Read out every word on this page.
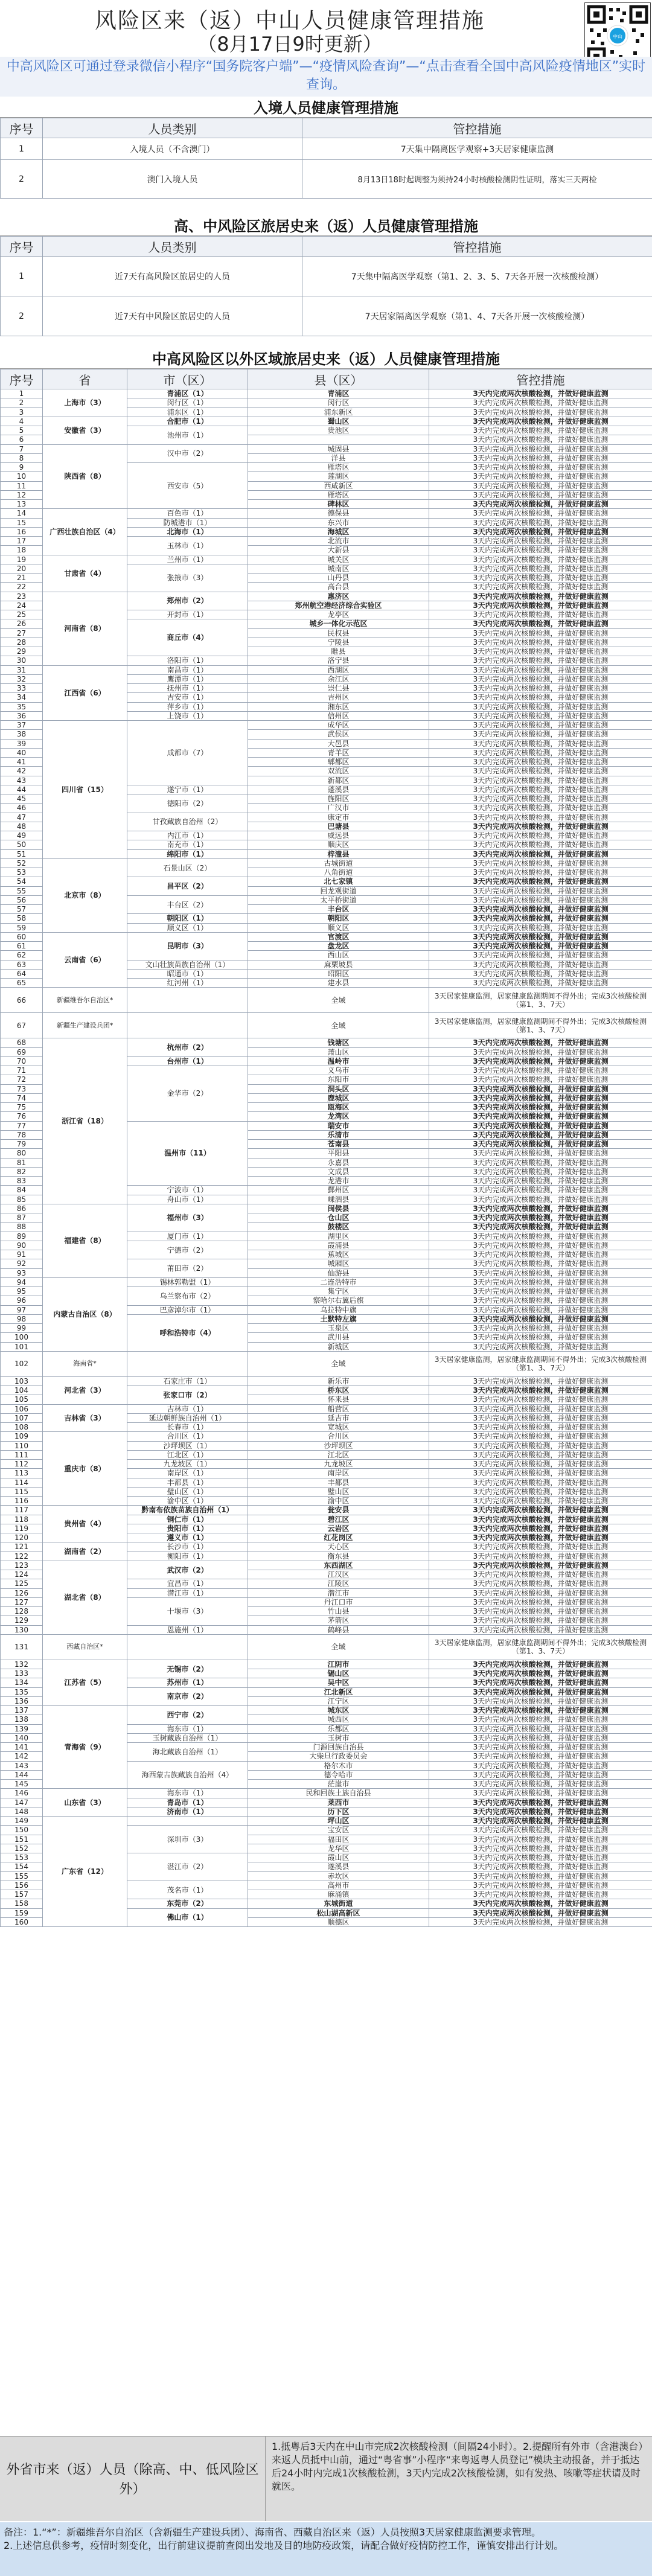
风险区来（返）中山人员健康管理措施
（8月17日9时更新）	中山
中高风险区可通过登录微信小程序“国务院客户端”—“疫情风险查询”—“点击查看全国中高风险疫情地区”实时查询。
入境人员健康管理措施
序号	人员类别	管控措施
1	入境人员（不含澳门）	7天集中隔离医学观察+3天居家健康监测
2	澳门入境人员	8月13日18时起调整为须持24小时核酸检测阴性证明，落实三天两检
高、中风险区旅居史来（返）人员健康管理措施
序号	人员类别	管控措施
1	近7天有高风险区旅居史的人员	7天集中隔离医学观察（第1、2、3、5、7天各开展一次核酸检测）
2	近7天有中风险区旅居史的人员	7天居家隔离医学观察（第1、4、7天各开展一次核酸检测）
中高风险区以外区域旅居史来（返）人员健康管理措施
序号	省	市（区）	县（区）	管控措施
1	上海市（3）	青浦区（1）	青浦区	3天内完成两次核酸检测，并做好健康监测
2		闵行区（1）	闵行区	3天内完成两次核酸检测，并做好健康监测
3		浦东区（1）	浦东新区	3天内完成两次核酸检测，并做好健康监测
4	安徽省（3）	合肥市（1）	蜀山区	3天内完成两次核酸检测，并做好健康监测
5		池州市（1）	贵池区	3天内完成两次核酸检测，并做好健康监测
6				3天内完成两次核酸检测，并做好健康监测
7	陕西省（8）	汉中市（2）	城固县	3天内完成两次核酸检测，并做好健康监测
8			洋县	3天内完成两次核酸检测，并做好健康监测
9		西安市（5）	雁塔区	3天内完成两次核酸检测，并做好健康监测
10			莲湖区	3天内完成两次核酸检测，并做好健康监测
11			西咸新区	3天内完成两次核酸检测，并做好健康监测
12			雁塔区	3天内完成两次核酸检测，并做好健康监测
13			碑林区	3天内完成两次核酸检测，并做好健康监测
14	广西壮族自治区（4）	百色市（1）	德保县	3天内完成两次核酸检测，并做好健康监测
15		防城港市（1）	东兴市	3天内完成两次核酸检测，并做好健康监测
16		北海市（1）	海城区	3天内完成两次核酸检测，并做好健康监测
17		玉林市（1）	北流市	3天内完成两次核酸检测，并做好健康监测
18			大新县	3天内完成两次核酸检测，并做好健康监测
19	甘肃省（4）	兰州市（1）	城关区	3天内完成两次核酸检测，并做好健康监测
20		张掖市（3）	城南区	3天内完成两次核酸检测，并做好健康监测
21			山丹县	3天内完成两次核酸检测，并做好健康监测
22			高台县	3天内完成两次核酸检测，并做好健康监测
23	河南省（8）	郑州市（2）	惠济区	3天内完成两次核酸检测，并做好健康监测
24			郑州航空港经济综合实验区	3天内完成两次核酸检测，并做好健康监测
25		开封市（1）	龙亭区	3天内完成两次核酸检测，并做好健康监测
26		商丘市（4）	城乡一体化示范区	3天内完成两次核酸检测，并做好健康监测
27			民权县	3天内完成两次核酸检测，并做好健康监测
28			宁陵县	3天内完成两次核酸检测，并做好健康监测
29			睢县	3天内完成两次核酸检测，并做好健康监测
30		洛阳市（1）	洛宁县	3天内完成两次核酸检测，并做好健康监测
31	江西省（6）	南昌市（1）	西湖区	3天内完成两次核酸检测，并做好健康监测
32		鹰潭市（1）	余江区	3天内完成两次核酸检测，并做好健康监测
33		抚州市（1）	崇仁县	3天内完成两次核酸检测，并做好健康监测
34		吉安市（1）	吉州区	3天内完成两次核酸检测，并做好健康监测
35		萍乡市（1）	湘东区	3天内完成两次核酸检测，并做好健康监测
36		上饶市（1）	信州区	3天内完成两次核酸检测，并做好健康监测
37	四川省（15）	成都市（7）	成华区	3天内完成两次核酸检测，并做好健康监测
38			武侯区	3天内完成两次核酸检测，并做好健康监测
39			大邑县	3天内完成两次核酸检测，并做好健康监测
40			青羊区	3天内完成两次核酸检测，并做好健康监测
41			郫都区	3天内完成两次核酸检测，并做好健康监测
42			双流区	3天内完成两次核酸检测，并做好健康监测
43			新都区	3天内完成两次核酸检测，并做好健康监测
44		遂宁市（1）	蓬溪县	3天内完成两次核酸检测，并做好健康监测
45		德阳市（2）	旌阳区	3天内完成两次核酸检测，并做好健康监测
46			广汉市	3天内完成两次核酸检测，并做好健康监测
47		甘孜藏族自治州（2）	康定市	3天内完成两次核酸检测，并做好健康监测
48			巴塘县	3天内完成两次核酸检测，并做好健康监测
49		内江市（1）	威远县	3天内完成两次核酸检测，并做好健康监测
50		南充市（1）	顺庆区	3天内完成两次核酸检测，并做好健康监测
51		绵阳市（1）	梓潼县	3天内完成两次核酸检测，并做好健康监测
52	北京市（8）	石景山区（2）	古城街道	3天内完成两次核酸检测，并做好健康监测
53			八角街道	3天内完成两次核酸检测，并做好健康监测
54		昌平区（2）	北七家镇	3天内完成两次核酸检测，并做好健康监测
55			回龙观街道	3天内完成两次核酸检测，并做好健康监测
56		丰台区（2）	太平桥街道	3天内完成两次核酸检测，并做好健康监测
57			丰台区	3天内完成两次核酸检测，并做好健康监测
58		朝阳区（1）	朝阳区	3天内完成两次核酸检测，并做好健康监测
59		顺义区（1）	顺义区	3天内完成两次核酸检测，并做好健康监测
60	云南省（6）	昆明市（3）	官渡区	3天内完成两次核酸检测，并做好健康监测
61			盘龙区	3天内完成两次核酸检测，并做好健康监测
62			西山区	3天内完成两次核酸检测，并做好健康监测
63		文山壮族苗族自治州（1）	麻栗坡县	3天内完成两次核酸检测，并做好健康监测
64		昭通市（1）	昭阳区	3天内完成两次核酸检测，并做好健康监测
65		红河州（1）	建水县	3天内完成两次核酸检测，并做好健康监测
66	新疆维吾尔自治区*		全域	3天居家健康监测，居家健康监测期间不得外出；完成3次核酸检测（第1、3、7天）
67	新疆生产建设兵团*		全域	3天居家健康监测，居家健康监测期间不得外出；完成3次核酸检测（第1、3、7天）
68	浙江省（18）	杭州市（2）	钱塘区	3天内完成两次核酸检测，并做好健康监测
69			萧山区	3天内完成两次核酸检测，并做好健康监测
70		台州市（1）	温岭市	3天内完成两次核酸检测，并做好健康监测
71		金华市（2）	义乌市	3天内完成两次核酸检测，并做好健康监测
72			东阳市	3天内完成两次核酸检测，并做好健康监测
73			洞头区	3天内完成两次核酸检测，并做好健康监测
74			鹿城区	3天内完成两次核酸检测，并做好健康监测
75			瓯海区	3天内完成两次核酸检测，并做好健康监测
76			龙湾区	3天内完成两次核酸检测，并做好健康监测
77		温州市（11）	瑞安市	3天内完成两次核酸检测，并做好健康监测
78			乐清市	3天内完成两次核酸检测，并做好健康监测
79			苍南县	3天内完成两次核酸检测，并做好健康监测
80			平阳县	3天内完成两次核酸检测，并做好健康监测
81			永嘉县	3天内完成两次核酸检测，并做好健康监测
82			文成县	3天内完成两次核酸检测，并做好健康监测
83			龙港市	3天内完成两次核酸检测，并做好健康监测
84		宁波市（1）	鄞州区	3天内完成两次核酸检测，并做好健康监测
85		舟山市（1）	嵊泗县	3天内完成两次核酸检测，并做好健康监测
86	福建省（8）	福州市（3）	闽侯县	3天内完成两次核酸检测，并做好健康监测
87			仓山区	3天内完成两次核酸检测，并做好健康监测
88			鼓楼区	3天内完成两次核酸检测，并做好健康监测
89		厦门市（1）	湖里区	3天内完成两次核酸检测，并做好健康监测
90		宁德市（2）	霞浦县	3天内完成两次核酸检测，并做好健康监测
91			蕉城区	3天内完成两次核酸检测，并做好健康监测
92		莆田市（2）	城厢区	3天内完成两次核酸检测，并做好健康监测
93			仙游县	3天内完成两次核酸检测，并做好健康监测
94	内蒙古自治区（8）	锡林郭勒盟（1）	二连浩特市	3天内完成两次核酸检测，并做好健康监测
95		乌兰察布市（2）	集宁区	3天内完成两次核酸检测，并做好健康监测
96			察哈尔右翼后旗	3天内完成两次核酸检测，并做好健康监测
97		巴彦淖尔市（1）	乌拉特中旗	3天内完成两次核酸检测，并做好健康监测
98		呼和浩特市（4）	土默特左旗	3天内完成两次核酸检测，并做好健康监测
99			玉泉区	3天内完成两次核酸检测，并做好健康监测
100			武川县	3天内完成两次核酸检测，并做好健康监测
101			新城区	3天内完成两次核酸检测，并做好健康监测
102	海南省*		全域	3天居家健康监测，居家健康监测期间不得外出；完成3次核酸检测（第1、3、7天）
103	河北省（3）	石家庄市（1）	新乐市	3天内完成两次核酸检测，并做好健康监测
104		张家口市（2）	桥东区	3天内完成两次核酸检测，并做好健康监测
105			怀来县	3天内完成两次核酸检测，并做好健康监测
106	吉林省（3）	吉林市（1）	船营区	3天内完成两次核酸检测，并做好健康监测
107		延边朝鲜族自治州（1）	延吉市	3天内完成两次核酸检测，并做好健康监测
108		长春市（1）	宽城区	3天内完成两次核酸检测，并做好健康监测
109	重庆市（8）	合川区（1）	合川区	3天内完成两次核酸检测，并做好健康监测
110		沙坪坝区（1）	沙坪坝区	3天内完成两次核酸检测，并做好健康监测
111		江北区（1）	江北区	3天内完成两次核酸检测，并做好健康监测
112		九龙坡区（1）	九龙坡区	3天内完成两次核酸检测，并做好健康监测
113		南岸区（1）	南岸区	3天内完成两次核酸检测，并做好健康监测
114		丰都县（1）	丰都县	3天内完成两次核酸检测，并做好健康监测
115		璧山区（1）	璧山区	3天内完成两次核酸检测，并做好健康监测
116		渝中区（1）	渝中区	3天内完成两次核酸检测，并做好健康监测
117	贵州省（4）	黔南布依族苗族自治州（1）	瓮安县	3天内完成两次核酸检测，并做好健康监测
118		铜仁市（1）	碧江区	3天内完成两次核酸检测，并做好健康监测
119		贵阳市（1）	云岩区	3天内完成两次核酸检测，并做好健康监测
120		遵义市（1）	红花岗区	3天内完成两次核酸检测，并做好健康监测
121	湖南省（2）	长沙市（1）	天心区	3天内完成两次核酸检测，并做好健康监测
122		衡阳市（1）	衡东县	3天内完成两次核酸检测，并做好健康监测
123	湖北省（8）	武汉市（2）	东西湖区	3天内完成两次核酸检测，并做好健康监测
124			江汉区	3天内完成两次核酸检测，并做好健康监测
125		宜昌市（1）	江陵区	3天内完成两次核酸检测，并做好健康监测
126		潜江市（1）	潜江市	3天内完成两次核酸检测，并做好健康监测
127		十堰市（3）	丹江口市	3天内完成两次核酸检测，并做好健康监测
128			竹山县	3天内完成两次核酸检测，并做好健康监测
129			茅箭区	3天内完成两次核酸检测，并做好健康监测
130		恩施州（1）	鹤峰县	3天内完成两次核酸检测，并做好健康监测
131	西藏自治区*		全域	3天居家健康监测，居家健康监测期间不得外出；完成3次核酸检测（第1、3、7天）
132	江苏省（5）	无锡市（2）	江阴市	3天内完成两次核酸检测，并做好健康监测
133			锡山区	3天内完成两次核酸检测，并做好健康监测
134		苏州市（1）	吴中区	3天内完成两次核酸检测，并做好健康监测
135		南京市（2）	江北新区	3天内完成两次核酸检测，并做好健康监测
136			江宁区	3天内完成两次核酸检测，并做好健康监测
137	青海省（9）	西宁市（2）	城东区	3天内完成两次核酸检测，并做好健康监测
138			城西区	3天内完成两次核酸检测，并做好健康监测
139		海东市（1）	乐都区	3天内完成两次核酸检测，并做好健康监测
140		玉树藏族自治州（1）	玉树市	3天内完成两次核酸检测，并做好健康监测
141		海北藏族自治州（1）	门源回族自治县	3天内完成两次核酸检测，并做好健康监测
142			大柴旦行政委员会	3天内完成两次核酸检测，并做好健康监测
143		海西蒙古族藏族自治州（4）	格尔木市	3天内完成两次核酸检测，并做好健康监测
144			德令哈市	3天内完成两次核酸检测，并做好健康监测
145			茫崖市	3天内完成两次核酸检测，并做好健康监测
146	山东省（3）	海东市（1）	民和回族土族自治县	3天内完成两次核酸检测，并做好健康监测
147		青岛市（1）	莱西市	3天内完成两次核酸检测，并做好健康监测
148		济南市（1）	历下区	3天内完成两次核酸检测，并做好健康监测
149	广东省（12）		坪山区	3天内完成两次核酸检测，并做好健康监测
150		深圳市（3）	宝安区	3天内完成两次核酸检测，并做好健康监测
151			福田区	3天内完成两次核酸检测，并做好健康监测
152			龙华区	3天内完成两次核酸检测，并做好健康监测
153		湛江市（2）	霞山区	3天内完成两次核酸检测，并做好健康监测
154			遂溪县	3天内完成两次核酸检测，并做好健康监测
155			赤坎区	3天内完成两次核酸检测，并做好健康监测
156		茂名市（1）	高州市	3天内完成两次核酸检测，并做好健康监测
157			麻涌镇	3天内完成两次核酸检测，并做好健康监测
158		东莞市（2）	东城街道	3天内完成两次核酸检测，并做好健康监测
159		佛山市（1）	松山湖高新区	3天内完成两次核酸检测，并做好健康监测
160			顺德区	3天内完成两次核酸检测，并做好健康监测
外省市来（返）人员（除高、中、低风险区外）
1.抵粤后3天内在中山市完成2次核酸检测（间隔24小时）。2.提醒所有外市（含港澳台）来返人员抵中山前，通过“粤省事”小程序“来粤返粤人员登记”模块主动报备，并于抵达后24小时内完成1次核酸检测，3天内完成2次核酸检测，如有发热、咳嗽等症状请及时就医。
备注：1.“*”：新疆维吾尔自治区（含新疆生产建设兵团）、海南省、西藏自治区来（返）人员按照3天居家健康监测要求管理。
2.上述信息供参考，疫情时刻变化，出行前建议提前查阅出发地及目的地防疫政策，请配合做好疫情防控工作，谨慎安排出行计划。
